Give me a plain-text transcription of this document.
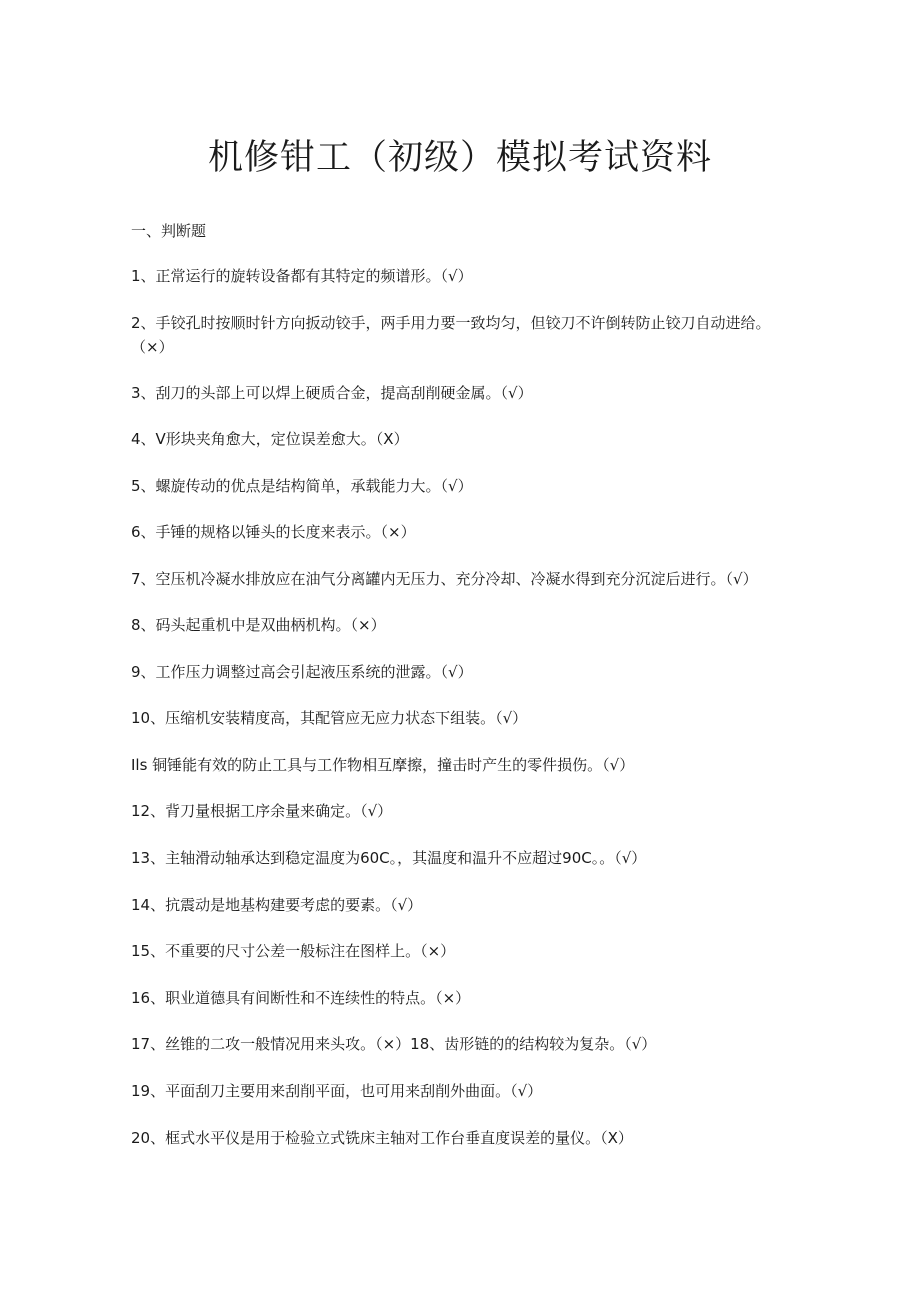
机修钳工（初级）模拟考试资料
一、判断题
1、正常运行的旋转设备都有其特定的频谱形。（√）
2、手铰孔时按顺时针方向扳动铰手，两手用力要一致均匀，但铰刀不许倒转防止铰刀自动进给。（×）
3、刮刀的头部上可以焊上硬质合金，提高刮削硬金属。（√）
4、V形块夹角愈大，定位误差愈大。（X）
5、螺旋传动的优点是结构简单，承载能力大。（√）
6、手锤的规格以锤头的长度来表示。（×）
7、空压机冷凝水排放应在油气分离罐内无压力、充分冷却、冷凝水得到充分沉淀后进行。（√）
8、码头起重机中是双曲柄机构。（×）
9、工作压力调整过高会引起液压系统的泄露。（√）
10、压缩机安装精度高，其配管应无应力状态下组装。（√）
Ils 铜锤能有效的防止工具与工作物相互摩擦，撞击时产生的零件损伤。（√）
12、背刀量根据工序余量来确定。（√）
13、主轴滑动轴承达到稳定温度为60C。，其温度和温升不应超过90C。。（√）
14、抗震动是地基构建要考虑的要素。（√）
15、不重要的尺寸公差一般标注在图样上。（×）
16、职业道德具有间断性和不连续性的特点。（×）
17、丝锥的二攻一般情况用来头攻。（×）18、齿形链的的结构较为复杂。（√）
19、平面刮刀主要用来刮削平面，也可用来刮削外曲面。（√）
20、框式水平仪是用于检验立式铣床主轴对工作台垂直度误差的量仪。（X）
